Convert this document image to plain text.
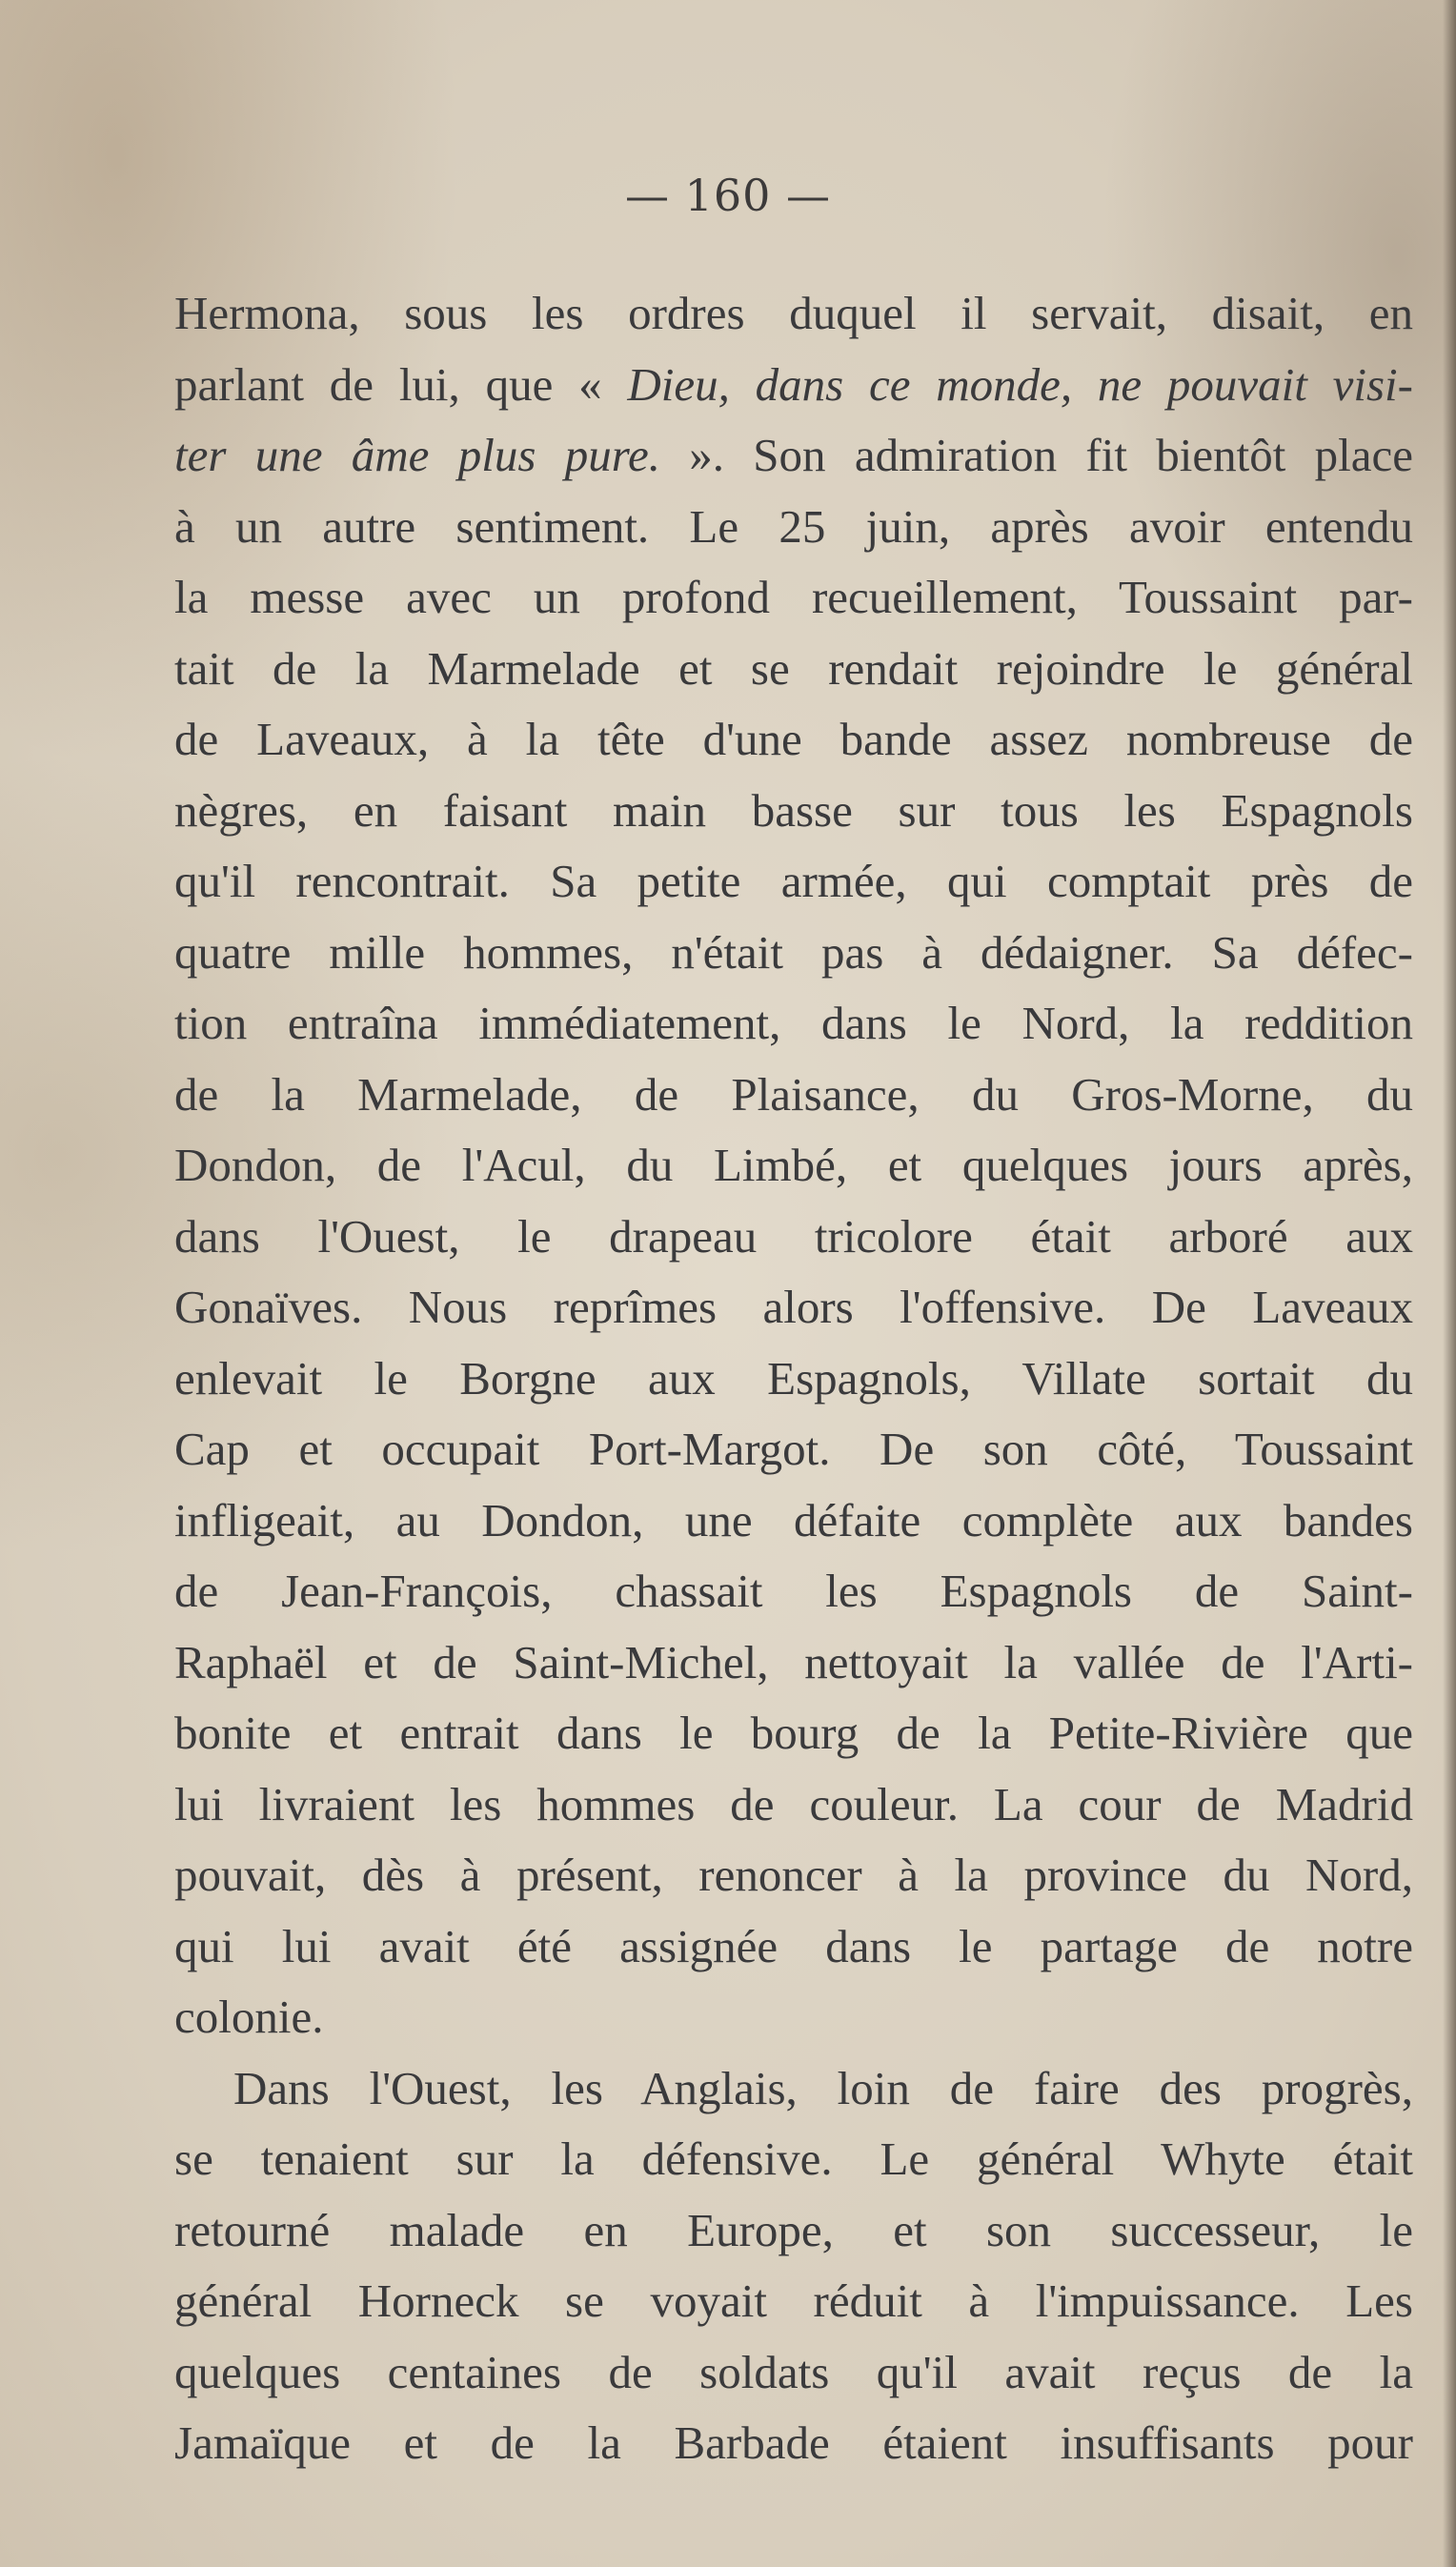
— 160 —
Hermona, sous les ordres duquel il servait, disait, en
parlant de lui, que « Dieu, dans ce monde, ne pouvait visi-
ter une âme plus pure. ». Son admiration fit bientôt place
à un autre sentiment. Le 25 juin, après avoir entendu
la messe avec un profond recueillement, Toussaint par-
tait de la Marmelade et se rendait rejoindre le général
de Laveaux, à la tête d'une bande assez nombreuse de
nègres, en faisant main basse sur tous les Espagnols
qu'il rencontrait. Sa petite armée, qui comptait près de
quatre mille hommes, n'était pas à dédaigner. Sa défec-
tion entraîna immédiatement, dans le Nord, la reddition
de la Marmelade, de Plaisance, du Gros-Morne, du
Dondon, de l'Acul, du Limbé, et quelques jours après,
dans l'Ouest, le drapeau tricolore était arboré aux
Gonaïves. Nous reprîmes alors l'offensive. De Laveaux
enlevait le Borgne aux Espagnols, Villate sortait du
Cap et occupait Port-Margot. De son côté, Toussaint
infligeait, au Dondon, une défaite complète aux bandes
de Jean-François, chassait les Espagnols de Saint-
Raphaël et de Saint-Michel, nettoyait la vallée de l'Arti-
bonite et entrait dans le bourg de la Petite-Rivière que
lui livraient les hommes de couleur. La cour de Madrid
pouvait, dès à présent, renoncer à la province du Nord,
qui lui avait été assignée dans le partage de notre
colonie.
Dans l'Ouest, les Anglais, loin de faire des progrès,
se tenaient sur la défensive. Le général Whyte était
retourné malade en Europe, et son successeur, le
général Horneck se voyait réduit à l'impuissance. Les
quelques centaines de soldats qu'il avait reçus de la
Jamaïque et de la Barbade étaient insuffisants pour
